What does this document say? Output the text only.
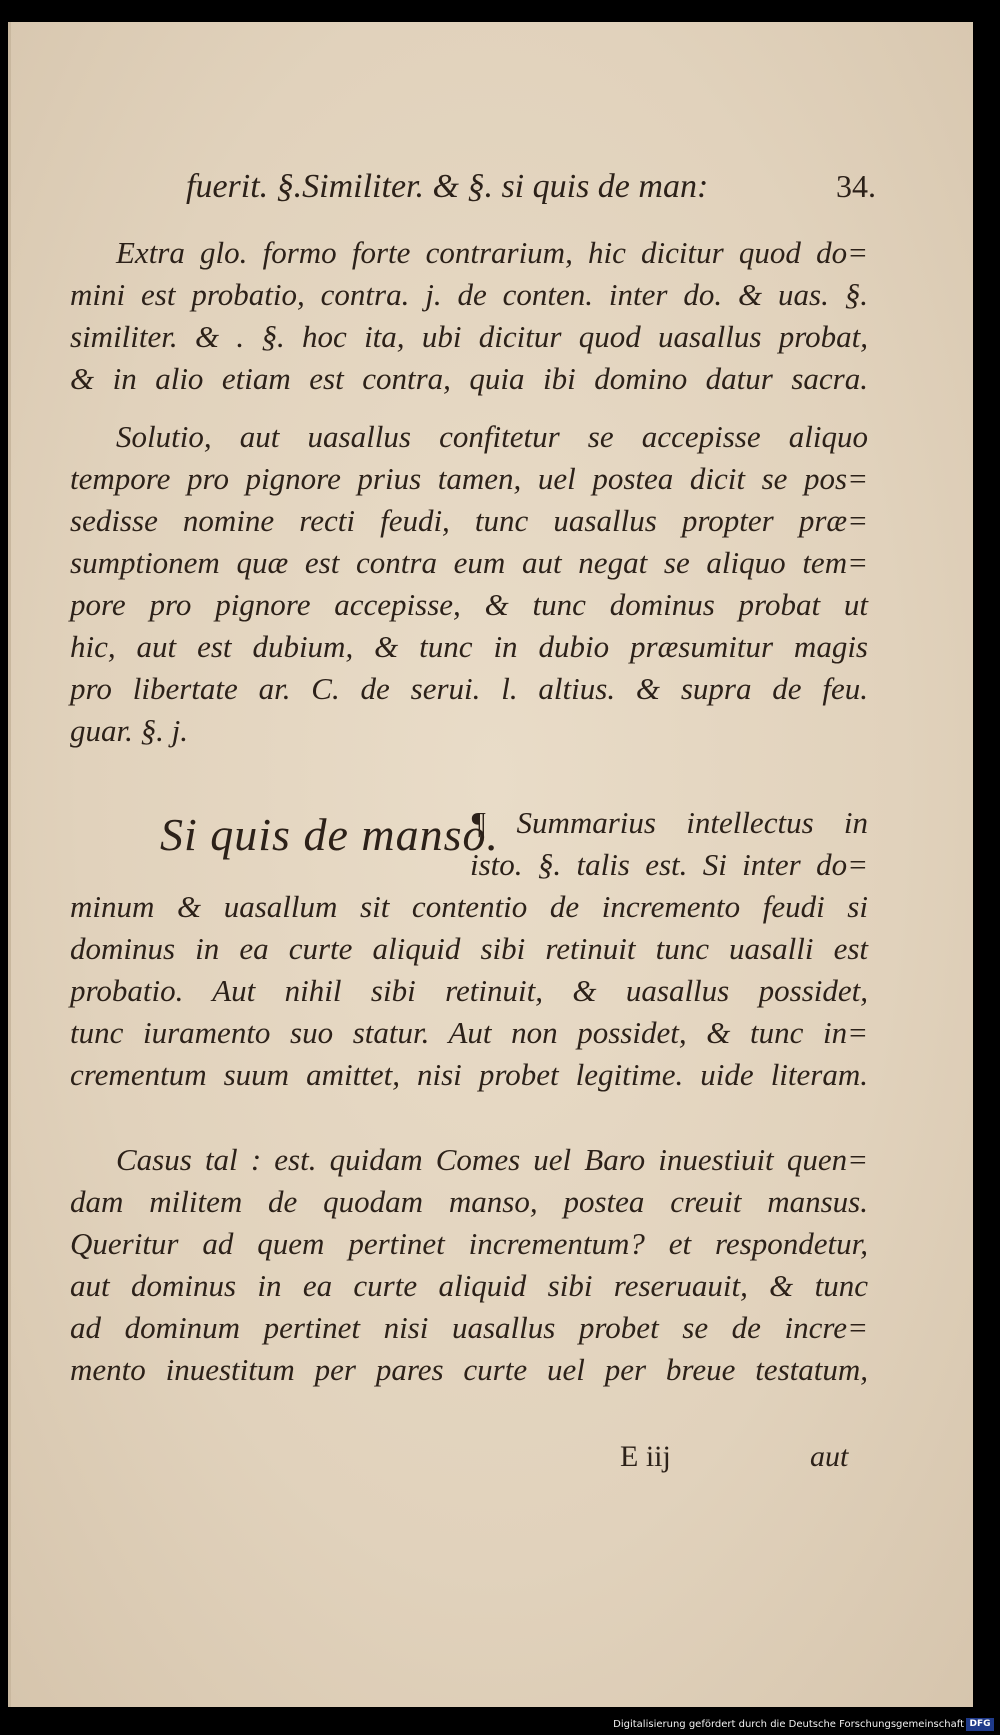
fuerit. §.Similiter. & §. si quis de man:	34.
Extra glo. formo forte contrarium, hic dicitur quod do=
mini est probatio, contra. j. de conten. inter do. & uas. §.
similiter. & . §. hoc ita, ubi dicitur quod uasallus probat,
& in alio etiam est contra, quia ibi domino datur sacra.
Solutio, aut uasallus confitetur se accepisse aliquo
tempore pro pignore prius tamen, uel postea dicit se pos=
sedisse nomine recti feudi, tunc uasallus propter præ=
sumptionem quæ est contra eum aut negat se aliquo tem=
pore pro pignore accepisse, & tunc dominus probat ut
hic, aut est dubium, & tunc in dubio præsumitur magis
pro libertate ar. C. de serui. l. altius. & supra de feu.
guar. §. j.
Si quis de manso.
¶ Summarius intellectus in
isto. §. talis est. Si inter do=
minum & uasallum sit contentio de incremento feudi si
dominus in ea curte aliquid sibi retinuit tunc uasalli est
probatio. Aut nihil sibi retinuit, & uasallus possidet,
tunc iuramento suo statur. Aut non possidet, & tunc in=
crementum suum amittet, nisi probet legitime. uide literam.
Casus tal : est. quidam Comes uel Baro inuestiuit quen=
dam militem de quodam manso, postea creuit mansus.
Queritur ad quem pertinet incrementum? et respondetur,
aut dominus in ea curte aliquid sibi reseruauit, & tunc
ad dominum pertinet nisi uasallus probet se de incre=
mento inuestitum per pares curte uel per breue testatum,
E iij	aut
Digitalisierung gefördert durch die Deutsche Forschungsgemeinschaft DFG
